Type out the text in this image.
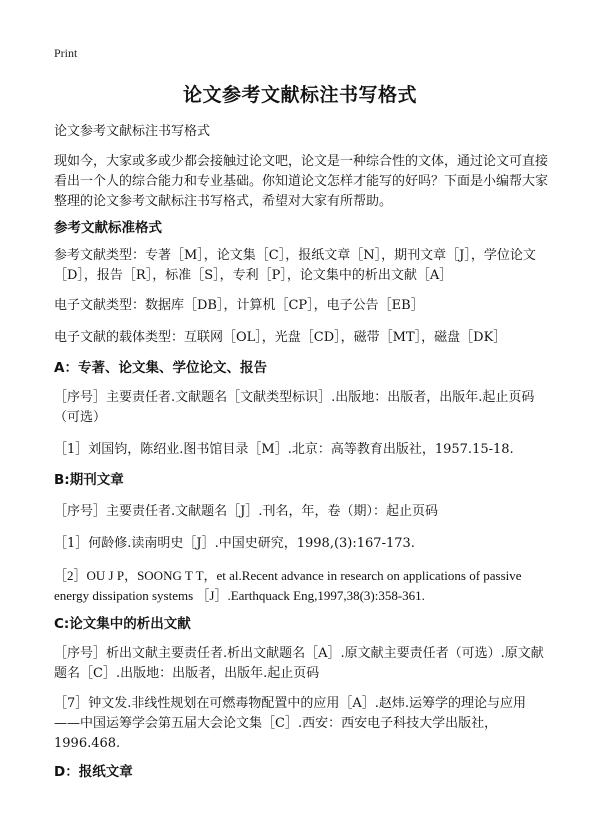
Print
论文参考文献标注书写格式
论文参考文献标注书写格式
现如今，大家或多或少都会接触过论文吧，论文是一种综合性的文体，通过论文可直接看出一个人的综合能力和专业基础。你知道论文怎样才能写的好吗？下面是小编帮大家整理的论文参考文献标注书写格式，希望对大家有所帮助。
参考文献标准格式
参考文献类型：专著［M］，论文集［C］，报纸文章［N］，期刊文章［J］，学位论文［D］，报告［R］，标准［S］，专利［P］，论文集中的析出文献［A］
电子文献类型：数据库［DB］，计算机［CP］，电子公告［EB］
电子文献的载体类型：互联网［OL］，光盘［CD］，磁带［MT］，磁盘［DK］
A：专著、论文集、学位论文、报告
［序号］主要责任者.文献题名［文献类型标识］.出版地：出版者，出版年.起止页码（可选）
［1］刘国钧，陈绍业.图书馆目录［M］.北京：高等教育出版社，1957.15-18.
B:期刊文章
［序号］主要责任者.文献题名［J］.刊名，年，卷（期）：起止页码
［1］何龄修.读南明史［J］.中国史研究，1998,(3):167-173.
［2］OU J P，SOONG T T，et al.Recent advance in research on applications of passive energy dissipation systems ［J］.Earthquack Eng,1997,38(3):358-361.
C:论文集中的析出文献
［序号］析出文献主要责任者.析出文献题名［A］.原文献主要责任者（可选）.原文献题名［C］.出版地：出版者，出版年.起止页码
［7］钟文发.非线性规划在可燃毒物配置中的应用［A］.赵炜.运筹学的理论与应用——中国运筹学会第五届大会论文集［C］.西安：西安电子科技大学出版社，1996.468.
D：报纸文章
